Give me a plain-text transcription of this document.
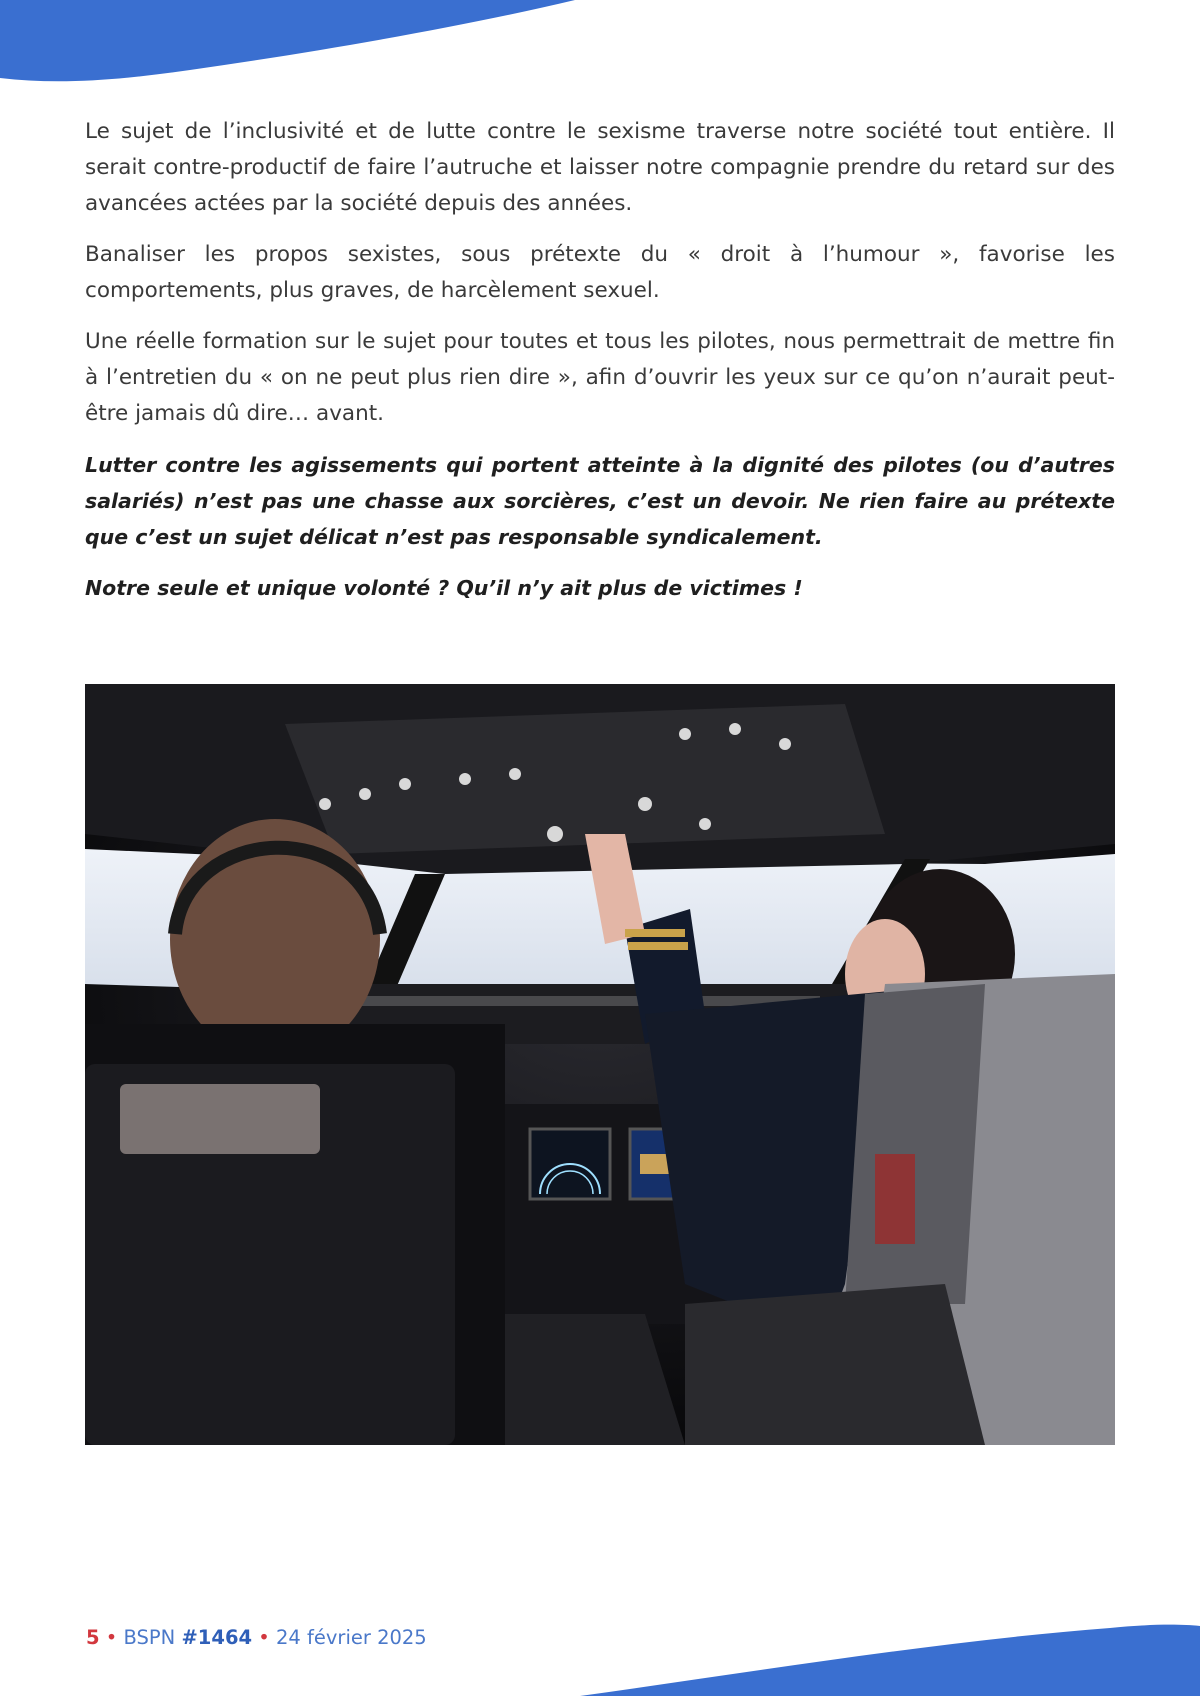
Le sujet de l’inclusivité et de lutte contre le sexisme traverse notre société tout entière. Il serait contre-productif de faire l’autruche et laisser notre compagnie prendre du retard sur des avancées actées par la société depuis des années.

Banaliser les propos sexistes, sous prétexte du « droit à l’humour », favorise les comportements, plus graves, de harcèlement sexuel.

Une réelle formation sur le sujet pour toutes et tous les pilotes, nous permettrait de mettre fin à l’entretien du « on ne peut plus rien dire », afin d’ouvrir les yeux sur ce qu’on n’aurait peut-être jamais dû dire… avant.

Lutter contre les agissements qui portent atteinte à la dignité des pilotes (ou d’autres salariés) n’est pas une chasse aux sorcières, c’est un devoir. Ne rien faire au prétexte que c’est un sujet délicat n’est pas responsable syndicalement.

Notre seule et unique volonté ? Qu’il n’y ait plus de victimes !

5 • BSPN #1464 • 24 février 2025
